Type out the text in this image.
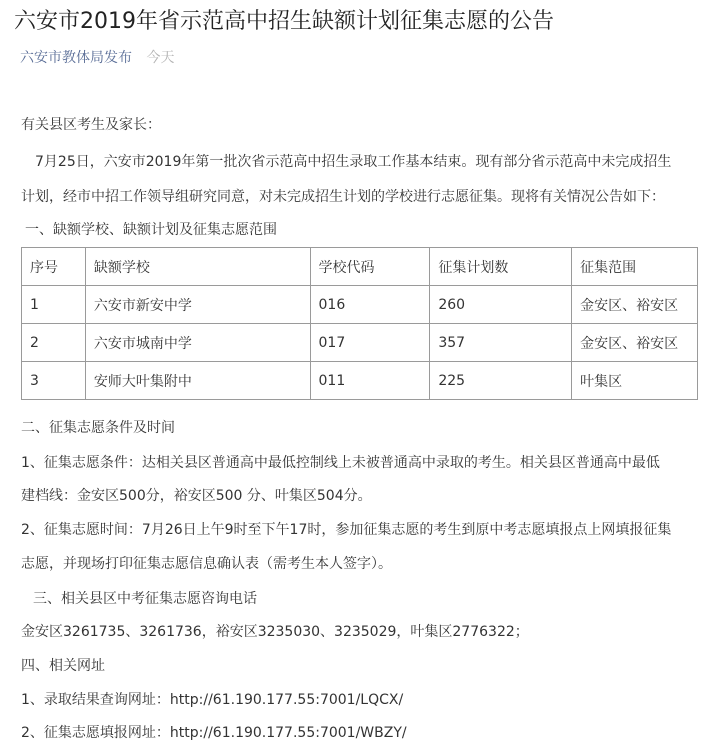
六安市2019年省示范高中招生缺额计划征集志愿的公告
六安市教体局发布 今天

有关县区考生及家长：

7月25日，六安市2019年第一批次省示范高中招生录取工作基本结束。现有部分省示范高中未完成招生

计划，经市中招工作领导组研究同意，对未完成招生计划的学校进行志愿征集。现将有关情况公告如下：

一、缺额学校、缺额计划及征集志愿范围

序号	缺额学校	学校代码	征集计划数	征集范围
1	六安市新安中学	016	260	金安区、裕安区
2	六安市城南中学	017	357	金安区、裕安区
3	安师大叶集附中	011	225	叶集区

二、征集志愿条件及时间

1、征集志愿条件：达相关县区普通高中最低控制线上未被普通高中录取的考生。相关县区普通高中最低

建档线：金安区500分，裕安区500 分、叶集区504分。

2、征集志愿时间：7月26日上午9时至下午17时，参加征集志愿的考生到原中考志愿填报点上网填报征集

志愿，并现场打印征集志愿信息确认表（需考生本人签字）。

三、相关县区中考征集志愿咨询电话

金安区3261735、3261736，裕安区3235030、3235029，叶集区2776322；

四、相关网址

1、录取结果查询网址：http://61.190.177.55:7001/LQCX/

2、征集志愿填报网址：http://61.190.177.55:7001/WBZY/
